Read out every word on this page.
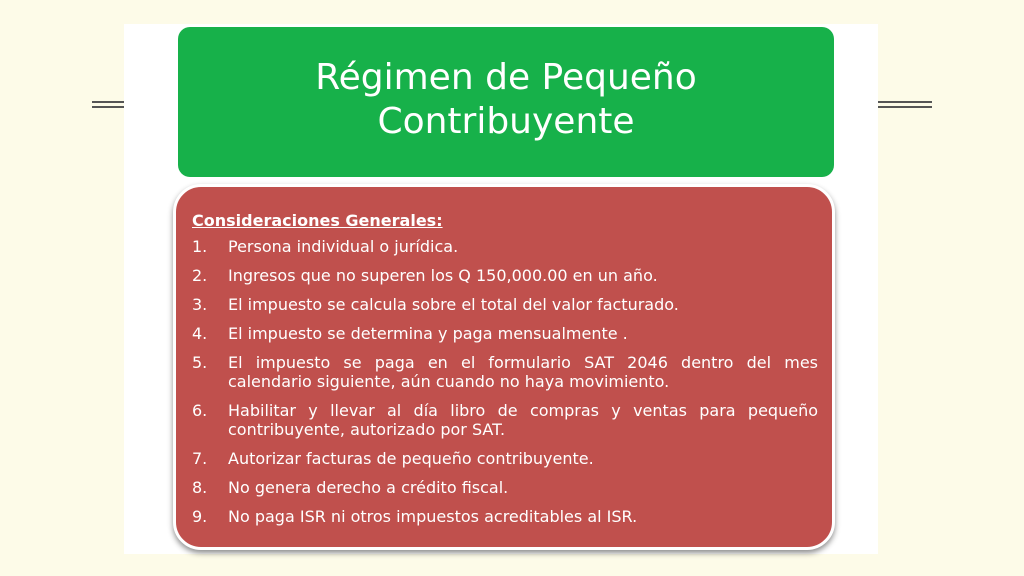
Régimen de Pequeño Contribuyente
Consideraciones Generales:
1.	Persona individual o jurídica.
2.	Ingresos que no superen los Q 150,000.00 en un año.
3.	El impuesto se calcula sobre el total del valor facturado.
4.	El impuesto se determina y paga mensualmente .
5.	El impuesto se paga en el formulario SAT 2046 dentro del mes calendario siguiente, aún cuando no haya movimiento.
6.	Habilitar y llevar al día libro de compras y ventas para pequeño contribuyente, autorizado por SAT.
7.	Autorizar facturas de pequeño contribuyente.
8.	No genera derecho a crédito fiscal.
9.	No paga ISR ni otros impuestos acreditables al ISR.
